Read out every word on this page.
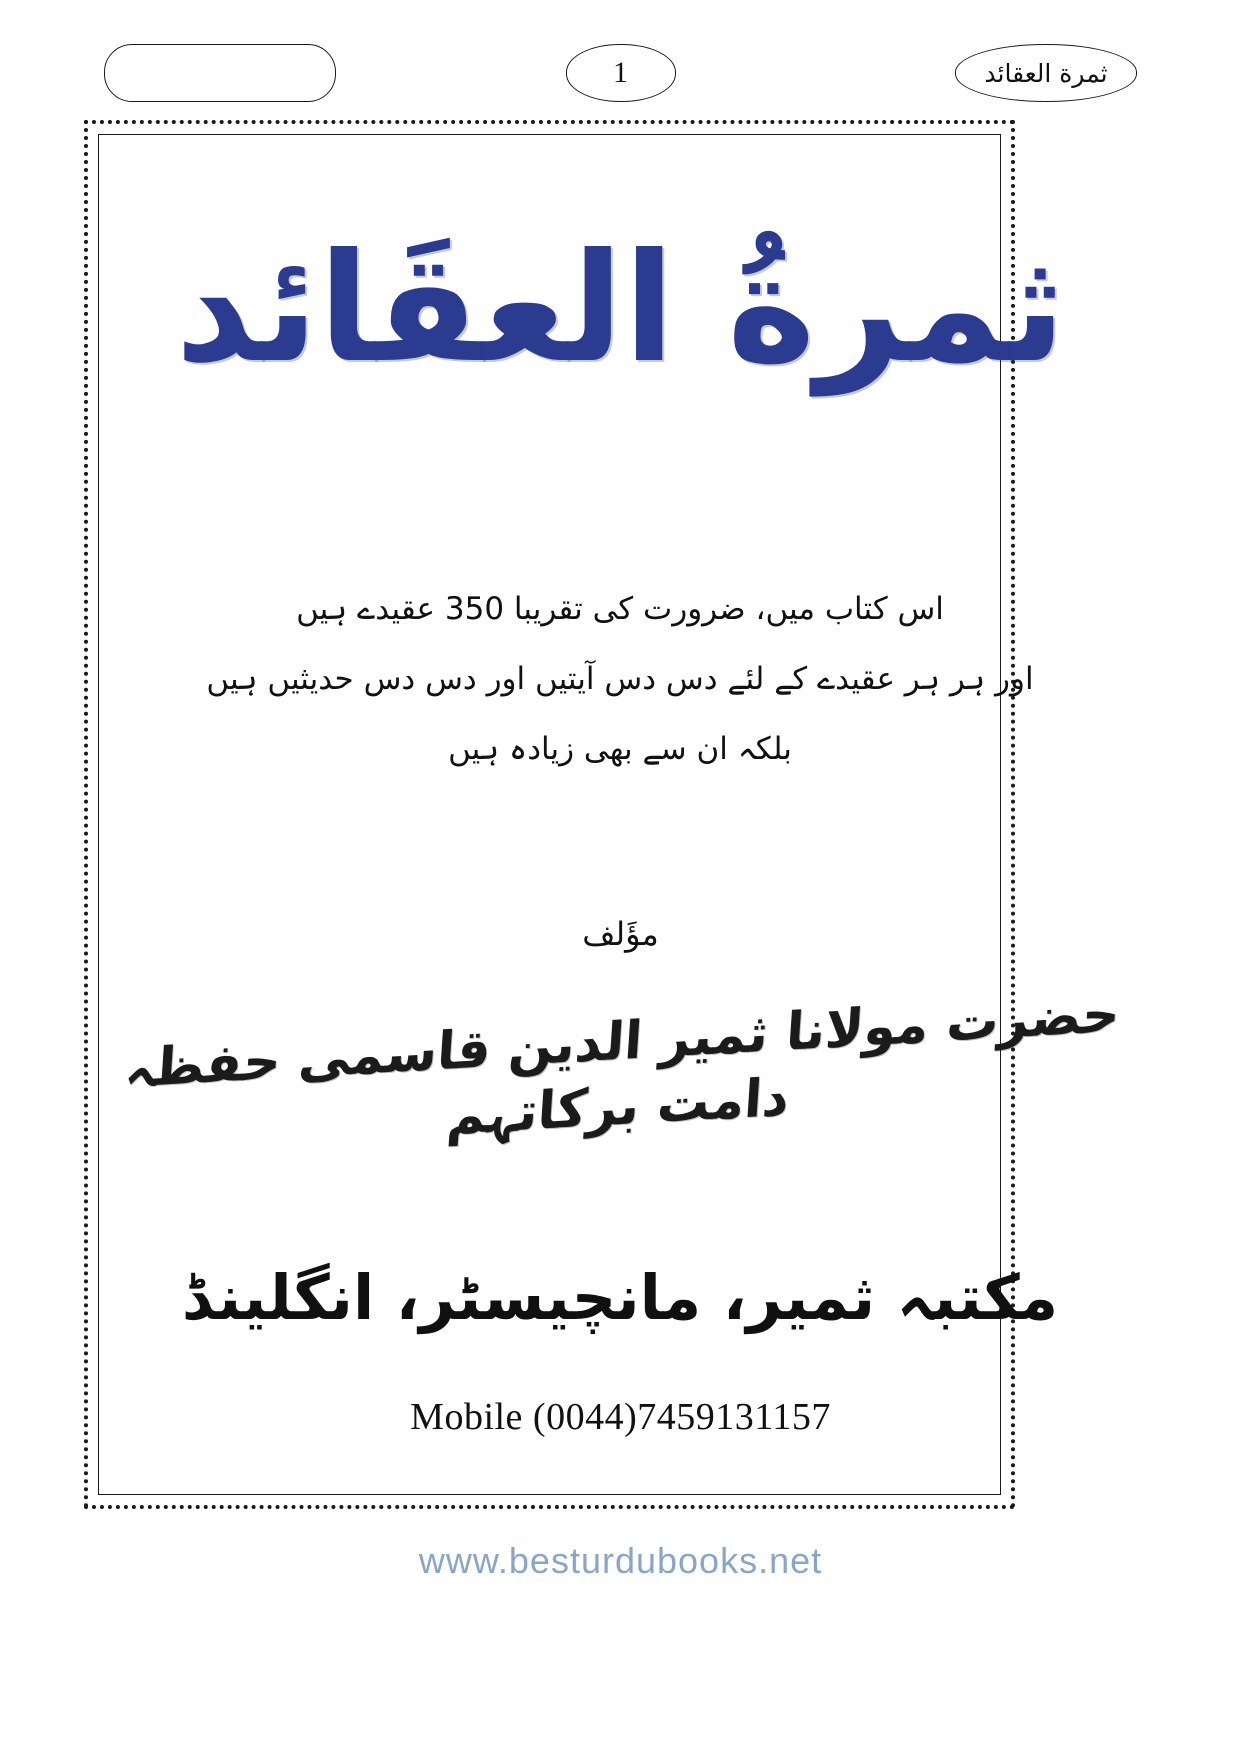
1	ثمرة العقائد
ثمرةُ العقَائد
اس کتاب میں، ضرورت کی تقریبا 350 عقیدے ہیں
اور ہر ہر عقیدے کے لئے دس دس آیتیں اور دس دس حدیثیں ہیں
بلکہ ان سے بھی زیادہ ہیں
مؤَلف
حضرت مولانا ثمیر الدین قاسمی حفظہ دامت برکاتہم
مکتبہ ثمیر، مانچیسٹر، انگلینڈ
Mobile (0044)7459131157
www.besturdubooks.net
